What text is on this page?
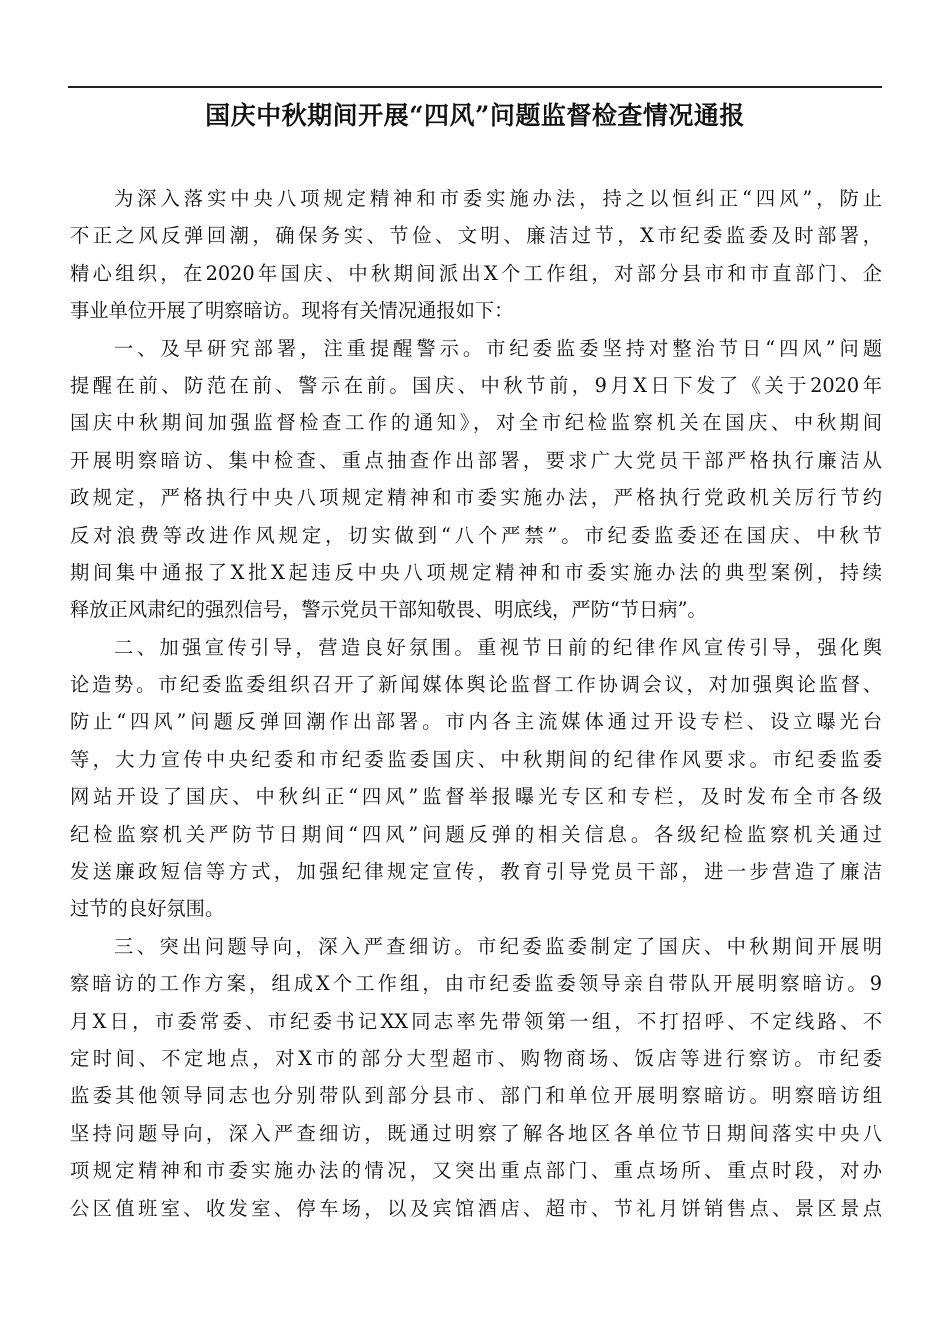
国庆中秋期间开展“四风”问题监督检查情况通报

为深入落实中央八项规定精神和市委实施办法，持之以恒纠正“四风”，防止
不正之风反弹回潮，确保务实、节俭、文明、廉洁过节，X市纪委监委及时部署，
精心组织，在2020年国庆、中秋期间派出X个工作组，对部分县市和市直部门、企
事业单位开展了明察暗访。现将有关情况通报如下：

一、及早研究部署，注重提醒警示。市纪委监委坚持对整治节日“四风”问题
提醒在前、防范在前、警示在前。国庆、中秋节前，9月X日下发了《关于2020年
国庆中秋期间加强监督检查工作的通知》，对全市纪检监察机关在国庆、中秋期间
开展明察暗访、集中检查、重点抽查作出部署，要求广大党员干部严格执行廉洁从
政规定，严格执行中央八项规定精神和市委实施办法，严格执行党政机关厉行节约
反对浪费等改进作风规定，切实做到“八个严禁”。市纪委监委还在国庆、中秋节
期间集中通报了X批X起违反中央八项规定精神和市委实施办法的典型案例，持续
释放正风肃纪的强烈信号，警示党员干部知敬畏、明底线，严防“节日病”。

二、加强宣传引导，营造良好氛围。重视节日前的纪律作风宣传引导，强化舆
论造势。市纪委监委组织召开了新闻媒体舆论监督工作协调会议，对加强舆论监督、
防止“四风”问题反弹回潮作出部署。市内各主流媒体通过开设专栏、设立曝光台
等，大力宣传中央纪委和市纪委监委国庆、中秋期间的纪律作风要求。市纪委监委
网站开设了国庆、中秋纠正“四风”监督举报曝光专区和专栏，及时发布全市各级
纪检监察机关严防节日期间“四风”问题反弹的相关信息。各级纪检监察机关通过
发送廉政短信等方式，加强纪律规定宣传，教育引导党员干部，进一步营造了廉洁
过节的良好氛围。

三、突出问题导向，深入严查细访。市纪委监委制定了国庆、中秋期间开展明
察暗访的工作方案，组成X个工作组，由市纪委监委领导亲自带队开展明察暗访。9
月X日，市委常委、市纪委书记XX同志率先带领第一组，不打招呼、不定线路、不
定时间、不定地点，对X市的部分大型超市、购物商场、饭店等进行察访。市纪委
监委其他领导同志也分别带队到部分县市、部门和单位开展明察暗访。明察暗访组
坚持问题导向，深入严查细访，既通过明察了解各地区各单位节日期间落实中央八
项规定精神和市委实施办法的情况，又突出重点部门、重点场所、重点时段，对办
公区值班室、收发室、停车场，以及宾馆酒店、超市、节礼月饼销售点、景区景点
